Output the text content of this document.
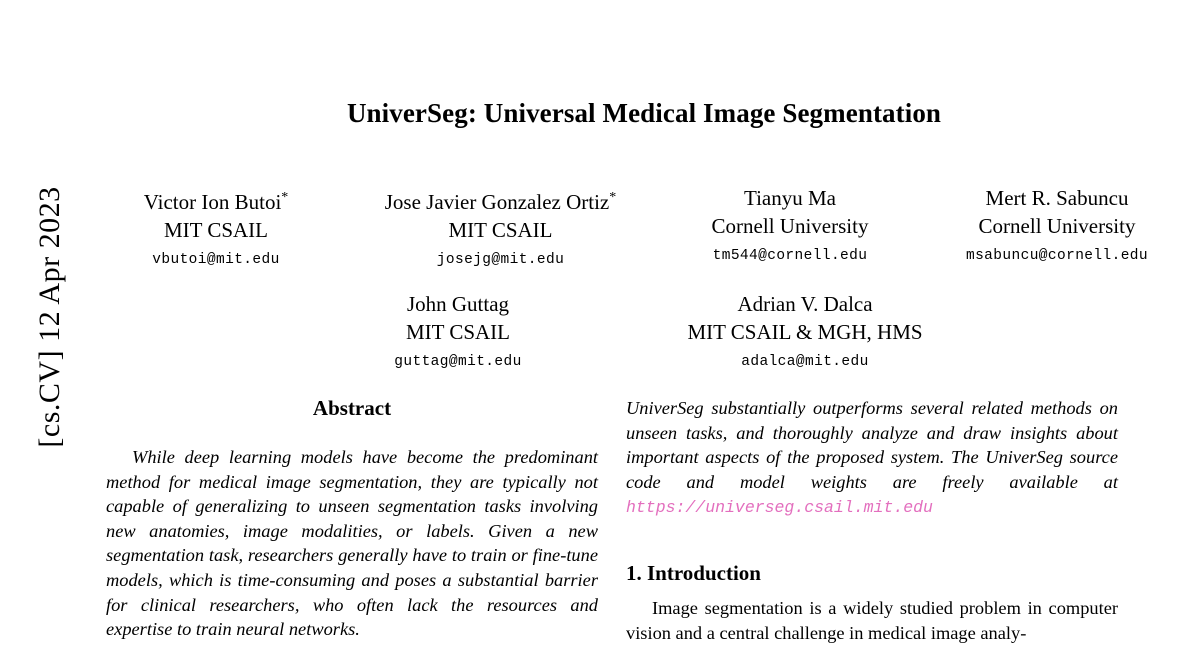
[cs.CV] 12 Apr 2023
UniverSeg: Universal Medical Image Segmentation
Victor Ion Butoi*
MIT CSAIL
vbutoi@mit.edu
Jose Javier Gonzalez Ortiz*
MIT CSAIL
josejg@mit.edu
Tianyu Ma
Cornell University
tm544@cornell.edu
Mert R. Sabuncu
Cornell University
msabuncu@cornell.edu
John Guttag
MIT CSAIL
guttag@mit.edu
Adrian V. Dalca
MIT CSAIL & MGH, HMS
adalca@mit.edu
Abstract

While deep learning models have become the predominant method for medical image segmentation, they are typically not capable of generalizing to unseen segmentation tasks involving new anatomies, image modalities, or labels. Given a new segmentation task, researchers generally have to train or fine-tune models, which is time-consuming and poses a substantial barrier for clinical researchers, who often lack the resources and expertise to train neural networks.

UniverSeg substantially outperforms several related methods on unseen tasks, and thoroughly analyze and draw insights about important aspects of the proposed system. The UniverSeg source code and model weights are freely available at https://universeg.csail.mit.edu

1. Introduction

Image segmentation is a widely studied problem in computer vision and a central challenge in medical image analy-
